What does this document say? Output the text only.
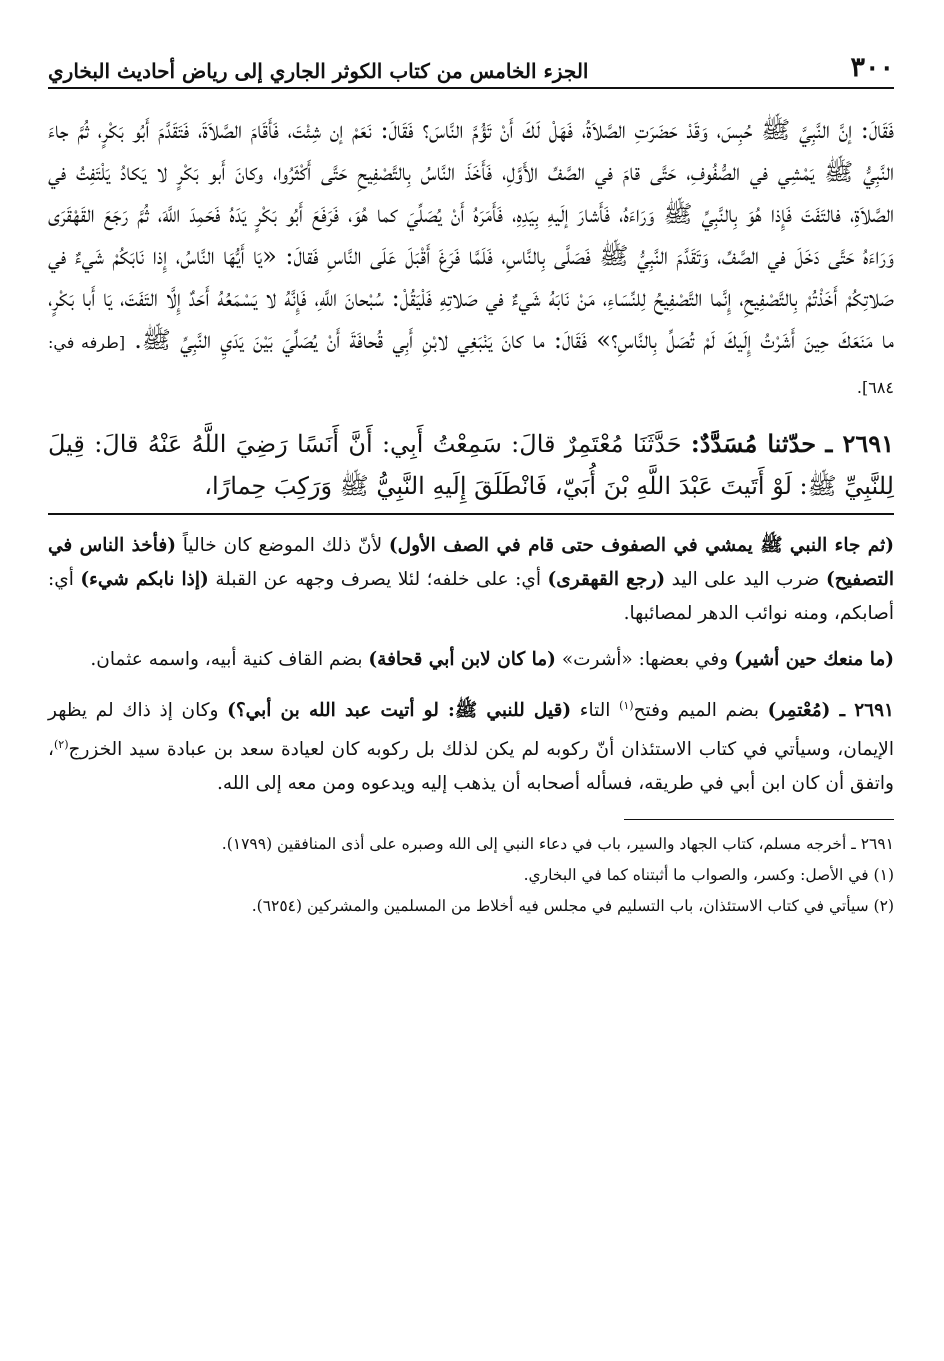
٣٠٠
الجزء الخامس من كتاب الكوثر الجاري إلى رياض أحاديث البخاري

فَقَالَ: إنَّ النَّبِيَّ ﷺ حُبِسَ، وَقَدْ حَضَرَتِ الصَّلاَةُ، فَهَلْ لَكَ أَنْ تَؤُمَّ النَّاسَ؟ فَقَالَ: نَعَمْ إن شِئْتَ، فَأَقَامَ الصَّلاَةَ، فَتَقَدَّمَ أَبُو بَكْرٍ، ثُمَّ جاءَ النَّبِيُّ ﷺ يَمْشِي في الصُّفُوفِ، حَتَّى قامَ في الصَّفِّ الأَوَّلِ، فَأَخَذَ النَّاسُ بِالتَّصْفِيحِ حَتَّى أَكْثَرُوا، وكانَ أَبو بَكْرٍ لا يَكادُ يَلْتَفِتُ في الصَّلاَةِ، فالتَفَتَ فَإِذا هُوَ بِالنَّبِيِّ ﷺ وَرَاءَهُ، فَأَشارَ إلَيهِ بِيَدِهِ، فَأَمَرَهُ أَنْ يُصَلِّيَ كما هُوَ، فَرَفَعَ أَبُو بَكْرٍ يَدَهُ فَحَمِدَ اللَّهَ، ثُمَّ رَجَعَ القَهْقَرَى وَرَاءَهُ حَتَّى دَخَلَ في الصَّفِّ، وَتَقَدَّمَ النَّبِيُّ ﷺ فَصَلَّى بِالنَّاسِ، فَلَمَّا فَرَغَ أَقْبَلَ عَلَى النَّاسِ فَقالَ: «يَا أَيُّهَا النَّاسُ، إِذا نَابَكُمْ شَيءٌ في صَلاتِكُمْ أَخَذْتُمْ بِالتَّصْفِيحِ، إِنَّما التَّصْفِيحُ لِلنِّسَاءِ، مَنْ نَابَهُ شَيءٌ في صَلاتِهِ فَلْيَقُلْ: سُبْحانَ اللَّهِ، فَإِنَّهُ لا يَسْمَعُهُ أَحَدٌ إِلَّا التَفَتَ، يَا أَبا بَكْرٍ، ما مَنَعَكَ حِينَ أَشَرْتُ إِلَيكَ لَمْ تُصَلِّ بِالنَّاسِ؟» فَقَالَ: ما كانَ يَنْبَغِي لابْنِ أَبِي قُحافَةَ أَنْ يُصَلِّيَ بَيْنَ يَدَيِ النَّبِيِّ ﷺ. [طرفه في: ٦٨٤].

٢٦٩١ ـ حدّثنا مُسَدَّدٌ: حَدَّثَنَا مُعْتَمِرٌ قالَ: سَمِعْتُ أَبِي: أَنَّ أَنَسًا رَضِيَ اللَّهُ عَنْهُ قالَ: قِيلَ لِلنَّبِيِّ ﷺ: لَوْ أَتَيتَ عَبْدَ اللَّهِ بْنَ أُبَيّ، فَانْطَلَقَ إِلَيهِ النَّبِيُّ ﷺ وَرَكِبَ حِمارًا،

(ثم جاء النبي ﷺ يمشي في الصفوف حتى قام في الصف الأول) لأنّ ذلك الموضع كان خالياً (فأخذ الناس في التصفيح) ضرب اليد على اليد (رجع القهقرى) أي: على خلفه؛ لئلا يصرف وجهه عن القبلة (إذا نابكم شيء) أي: أصابكم، ومنه نوائب الدهر لمصائبها.

(ما منعك حين أشير) وفي بعضها: «أشرت» (ما كان لابن أبي قحافة) بضم القاف كنية أبيه، واسمه عثمان.

٢٦٩١ ـ (مُعْتمِر) بضم الميم وفتح$^{(١)}$ التاء (قيل للنبي ﷺ: لو أتيت عبد الله بن أبي؟) وكان إذ ذاك لم يظهر الإيمان، وسيأتي في كتاب الاستئذان أنّ ركوبه لم يكن لذلك بل ركوبه كان لعيادة سعد بن عبادة سيد الخزرج$^{(٢)}$، واتفق أن كان ابن أبي في طريقه، فسأله أصحابه أن يذهب إليه ويدعوه ومن معه إلى الله.

٢٦٩١ ـ أخرجه مسلم، كتاب الجهاد والسير، باب في دعاء النبي إلى الله وصبره على أذى المنافقين (١٧٩٩).

(١) في الأصل: وكسر، والصواب ما أثبتناه كما في البخاري.

(٢) سيأتي في كتاب الاستئذان، باب التسليم في مجلس فيه أخلاط من المسلمين والمشركين (٦٢٥٤).
